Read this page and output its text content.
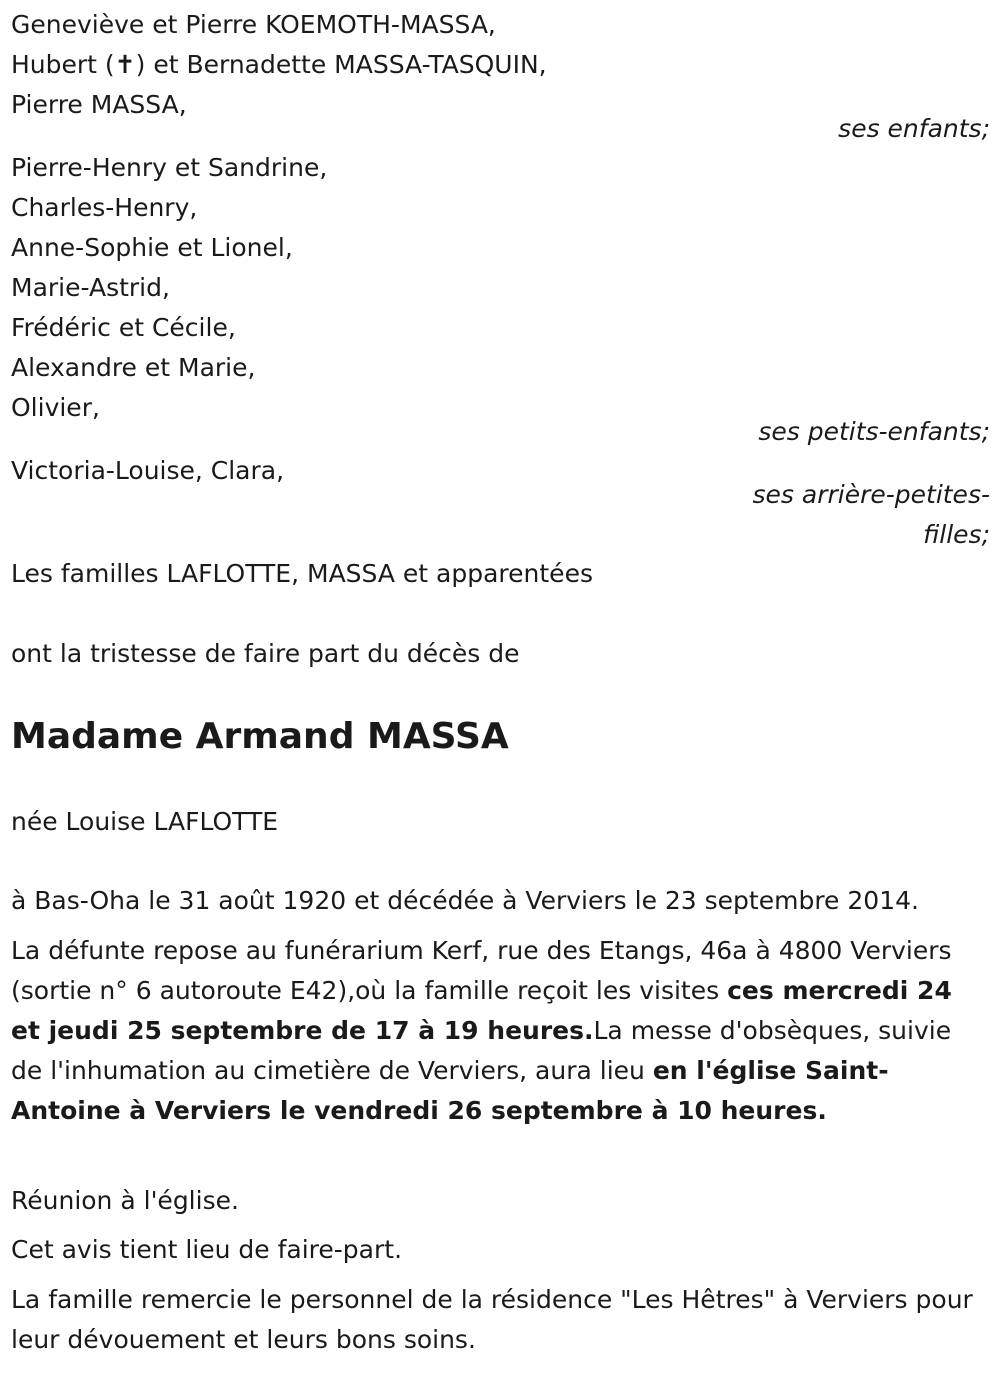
Geneviève et Pierre KOEMOTH-MASSA,
Hubert (✝) et Bernadette MASSA-TASQUIN,
Pierre MASSA,
ses enfants;
Pierre-Henry et Sandrine,
Charles-Henry,
Anne-Sophie et Lionel,
Marie-Astrid,
Frédéric et Cécile,
Alexandre et Marie,
Olivier,
ses petits-enfants;
Victoria-Louise, Clara,
ses arrière-petites-
filles;
Les familles LAFLOTTE, MASSA et apparentées
ont la tristesse de faire part du décès de
Madame Armand MASSA
née Louise LAFLOTTE
à Bas-Oha le 31 août 1920 et décédée à Verviers le 23 septembre 2014.
La défunte repose au funérarium Kerf, rue des Etangs, 46a à 4800 Verviers (sortie n° 6 autoroute E42),où la famille reçoit les visites ces mercredi 24 et jeudi 25 septembre de 17 à 19 heures.La messe d'obsèques, suivie de l'inhumation au cimetière de Verviers, aura lieu en l'église Saint-Antoine à Verviers le vendredi 26 septembre à 10 heures.
Réunion à l'église.
Cet avis tient lieu de faire-part.
La famille remercie le personnel de la résidence "Les Hêtres" à Verviers pour leur dévouement et leurs bons soins.
